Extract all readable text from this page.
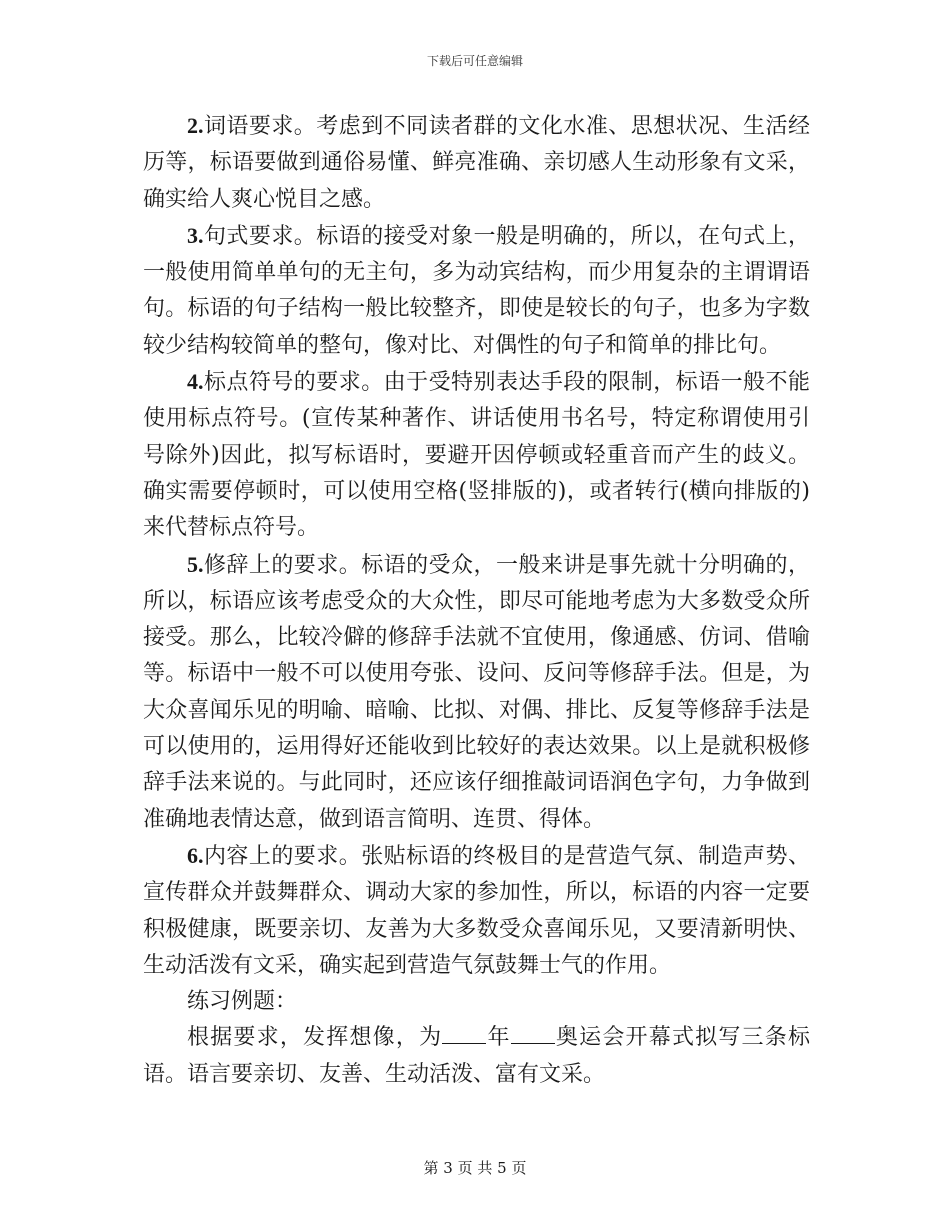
下载后可任意编辑

2.词语要求。考虑到不同读者群的文化水准、思想状况、生活经历等，标语要做到通俗易懂、鲜亮准确、亲切感人生动形象有文采，确实给人爽心悦目之感。

3.句式要求。标语的接受对象一般是明确的，所以，在句式上，一般使用简单单句的无主句，多为动宾结构，而少用复杂的主谓谓语句。标语的句子结构一般比较整齐，即使是较长的句子，也多为字数较少结构较简单的整句，像对比、对偶性的句子和简单的排比句。

4.标点符号的要求。由于受特别表达手段的限制，标语一般不能使用标点符号。(宣传某种著作、讲话使用书名号，特定称谓使用引号除外)因此，拟写标语时，要避开因停顿或轻重音而产生的歧义。确实需要停顿时，可以使用空格(竖排版的)，或者转行(横向排版的)来代替标点符号。

5.修辞上的要求。标语的受众，一般来讲是事先就十分明确的，所以，标语应该考虑受众的大众性，即尽可能地考虑为大多数受众所接受。那么，比较冷僻的修辞手法就不宜使用，像通感、仿词、借喻等。标语中一般不可以使用夸张、设问、反问等修辞手法。但是，为大众喜闻乐见的明喻、暗喻、比拟、对偶、排比、反复等修辞手法是可以使用的，运用得好还能收到比较好的表达效果。以上是就积极修辞手法来说的。与此同时，还应该仔细推敲词语润色字句，力争做到准确地表情达意，做到语言简明、连贯、得体。

6.内容上的要求。张贴标语的终极目的是营造气氛、制造声势、宣传群众并鼓舞群众、调动大家的参加性，所以，标语的内容一定要积极健康，既要亲切、友善为大多数受众喜闻乐见，又要清新明快、生动活泼有文采，确实起到营造气氛鼓舞士气的作用。

练习例题：

根据要求，发挥想像，为 年 奥运会开幕式拟写三条标语。语言要亲切、友善、生动活泼、富有文采。

第 3 页 共 5 页
